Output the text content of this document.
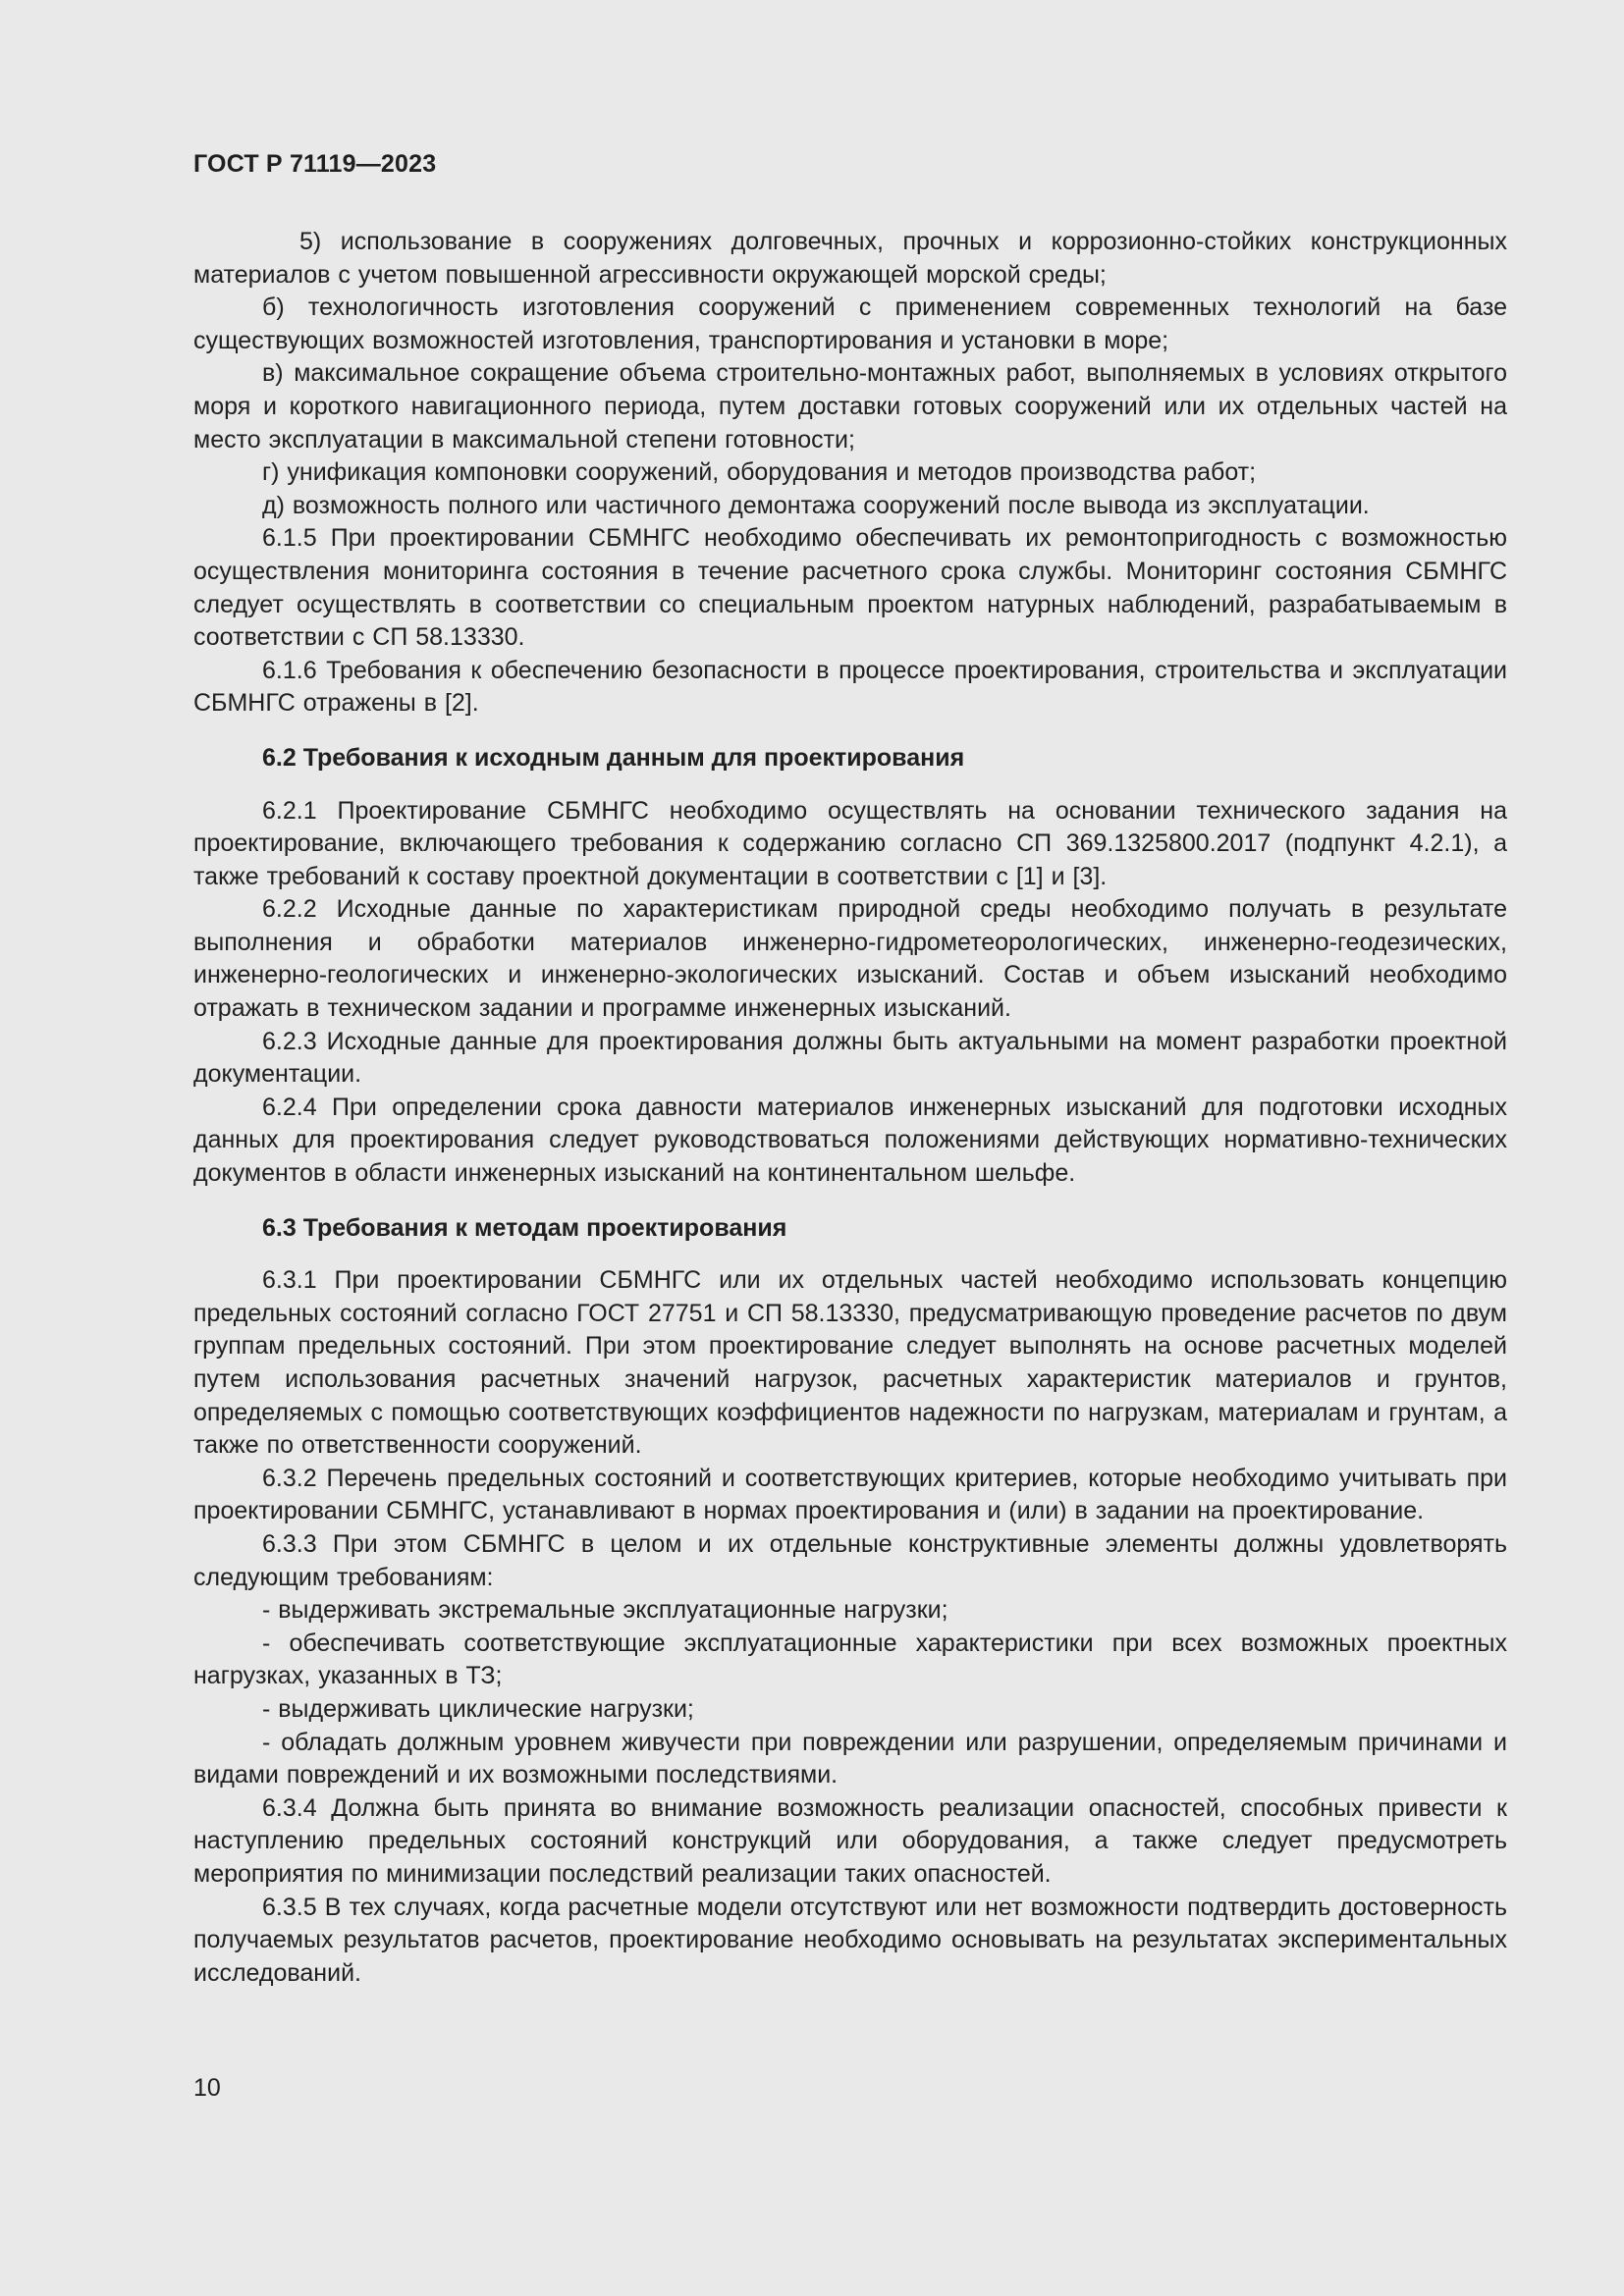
ГОСТ Р 71119—2023

5) использование в сооружениях долговечных, прочных и коррозионно-стойких конструкционных материалов с учетом повышенной агрессивности окружающей морской среды;

б) технологичность изготовления сооружений с применением современных технологий на базе существующих возможностей изготовления, транспортирования и установки в море;

в) максимальное сокращение объема строительно-монтажных работ, выполняемых в условиях открытого моря и короткого навигационного периода, путем доставки готовых сооружений или их отдельных частей на место эксплуатации в максимальной степени готовности;

г) унификация компоновки сооружений, оборудования и методов производства работ;

д) возможность полного или частичного демонтажа сооружений после вывода из эксплуатации.

6.1.5 При проектировании СБМНГС необходимо обеспечивать их ремонтопригодность с возможностью осуществления мониторинга состояния в течение расчетного срока службы. Мониторинг состояния СБМНГС следует осуществлять в соответствии со специальным проектом натурных наблюдений, разрабатываемым в соответствии с СП 58.13330.

6.1.6 Требования к обеспечению безопасности в процессе проектирования, строительства и эксплуатации СБМНГС отражены в [2].

6.2 Требования к исходным данным для проектирования

6.2.1 Проектирование СБМНГС необходимо осуществлять на основании технического задания на проектирование, включающего требования к содержанию согласно СП 369.1325800.2017 (подпункт 4.2.1), а также требований к составу проектной документации в соответствии с [1] и [3].

6.2.2 Исходные данные по характеристикам природной среды необходимо получать в результате выполнения и обработки материалов инженерно-гидрометеорологических, инженерно-геодезических, инженерно-геологических и инженерно-экологических изысканий. Состав и объем изысканий необходимо отражать в техническом задании и программе инженерных изысканий.

6.2.3 Исходные данные для проектирования должны быть актуальными на момент разработки проектной документации.

6.2.4 При определении срока давности материалов инженерных изысканий для подготовки исходных данных для проектирования следует руководствоваться положениями действующих нормативно-технических документов в области инженерных изысканий на континентальном шельфе.

6.3 Требования к методам проектирования

6.3.1 При проектировании СБМНГС или их отдельных частей необходимо использовать концепцию предельных состояний согласно ГОСТ 27751 и СП 58.13330, предусматривающую проведение расчетов по двум группам предельных состояний. При этом проектирование следует выполнять на основе расчетных моделей путем использования расчетных значений нагрузок, расчетных характеристик материалов и грунтов, определяемых с помощью соответствующих коэффициентов надежности по нагрузкам, материалам и грунтам, а также по ответственности сооружений.

6.3.2 Перечень предельных состояний и соответствующих критериев, которые необходимо учитывать при проектировании СБМНГС, устанавливают в нормах проектирования и (или) в задании на проектирование.

6.3.3 При этом СБМНГС в целом и их отдельные конструктивные элементы должны удовлетворять следующим требованиям:

- выдерживать экстремальные эксплуатационные нагрузки;

- обеспечивать соответствующие эксплуатационные характеристики при всех возможных проектных нагрузках, указанных в ТЗ;

- выдерживать циклические нагрузки;

- обладать должным уровнем живучести при повреждении или разрушении, определяемым причинами и видами повреждений и их возможными последствиями.

6.3.4 Должна быть принята во внимание возможность реализации опасностей, способных привести к наступлению предельных состояний конструкций или оборудования, а также следует предусмотреть мероприятия по минимизации последствий реализации таких опасностей.

6.3.5 В тех случаях, когда расчетные модели отсутствуют или нет возможности подтвердить достоверность получаемых результатов расчетов, проектирование необходимо основывать на результатах экспериментальных исследований.

10
